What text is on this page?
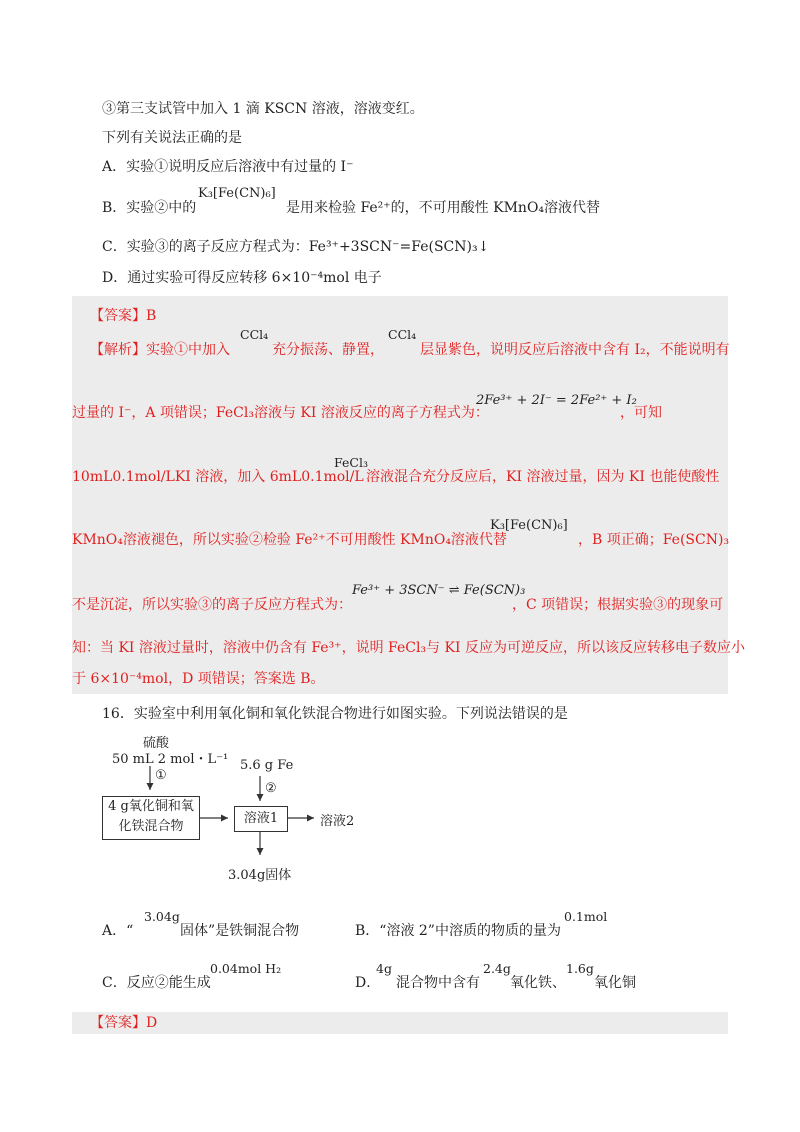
③第三支试管中加入 1 滴 KSCN 溶液，溶液变红。
下列有关说法正确的是
A．实验①说明反应后溶液中有过量的 I⁻
B．实验②中的
K₃[Fe(CN)₆]
是用来检验 Fe²⁺的，不可用酸性 KMnO₄溶液代替
C．实验③的离子反应方程式为：Fe³⁺+3SCN⁻=Fe(SCN)₃↓
D．通过实验可得反应转移 6×10⁻⁴mol 电子
【答案】B
【解析】实验①中加入
CCl₄
充分振荡、静置，
CCl₄
层显紫色，说明反应后溶液中含有 I₂，不能说明有
过量的 I⁻，A 项错误；FeCl₃溶液与 KI 溶液反应的离子方程式为：
2Fe³⁺ + 2I⁻ = 2Fe²⁺ + I₂
，可知
10mL0.1mol/LKI 溶液，加入 6mL0.1mol/L
FeCl₃
溶液混合充分反应后，KI 溶液过量，因为 KI 也能使酸性
KMnO₄溶液褪色，所以实验②检验 Fe²⁺不可用酸性 KMnO₄溶液代替
K₃[Fe(CN)₆]
，B 项正确；Fe(SCN)₃
不是沉淀，所以实验③的离子反应方程式为：
Fe³⁺ + 3SCN⁻ ⇌ Fe(SCN)₃
，C 项错误；根据实验③的现象可
知：当 KI 溶液过量时，溶液中仍含有 Fe³⁺，说明 FeCl₃与 KI 反应为可逆反应，所以该反应转移电子数应小
于 6×10⁻⁴mol，D 项错误；答案选 B。
16．实验室中利用氧化铜和氧化铁混合物进行如图实验。下列说法错误的是
硫酸
50 mL 2 mol・L⁻¹
①
5.6 g Fe
②
4 g氧化铜和氧化铁混合物
溶液1	溶液2
3.04g固体
A．“
3.04g
固体”是铁铜混合物	B．“溶液 2”中溶质的物质的量为
0.1mol
C．反应②能生成
0.04mol H₂
D．
4g
混合物中含有
2.4g
氧化铁、
1.6g
氧化铜
【答案】D
